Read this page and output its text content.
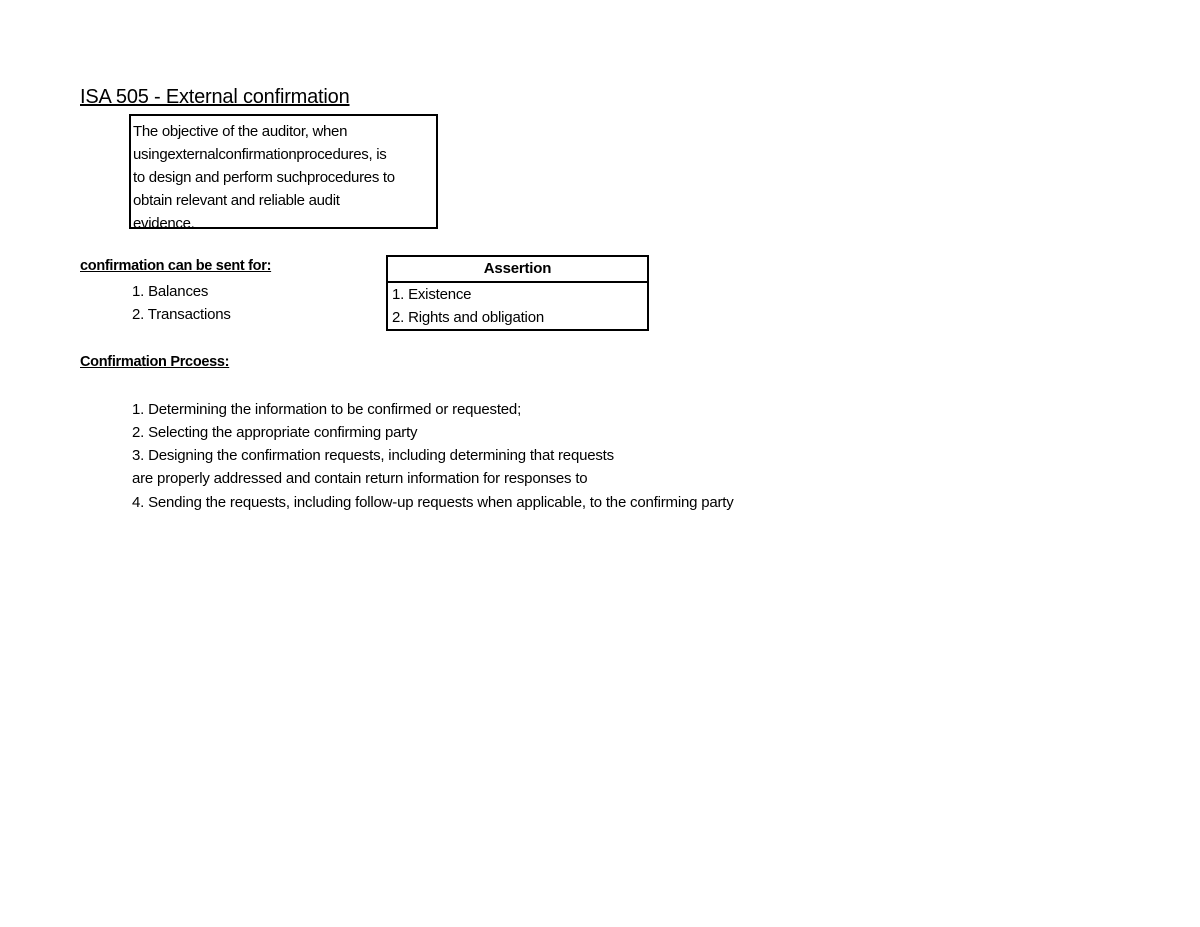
ISA 505 - External confirmation
The objective of the auditor, when
usingexternalconfirmationprocedures, is
to design and perform suchprocedures to
obtain relevant and reliable audit
evidence.
confirmation can be sent for:
1. Balances
2. Transactions
Assertion
1. Existence
2. Rights and obligation
Confirmation Prcoess:
1. Determining the information to be confirmed or requested;
2. Selecting the appropriate confirming party
3. Designing the confirmation requests, including determining that requests
are properly addressed and contain return information for responses to
4. Sending the requests, including follow-up requests when applicable, to the confirming party
